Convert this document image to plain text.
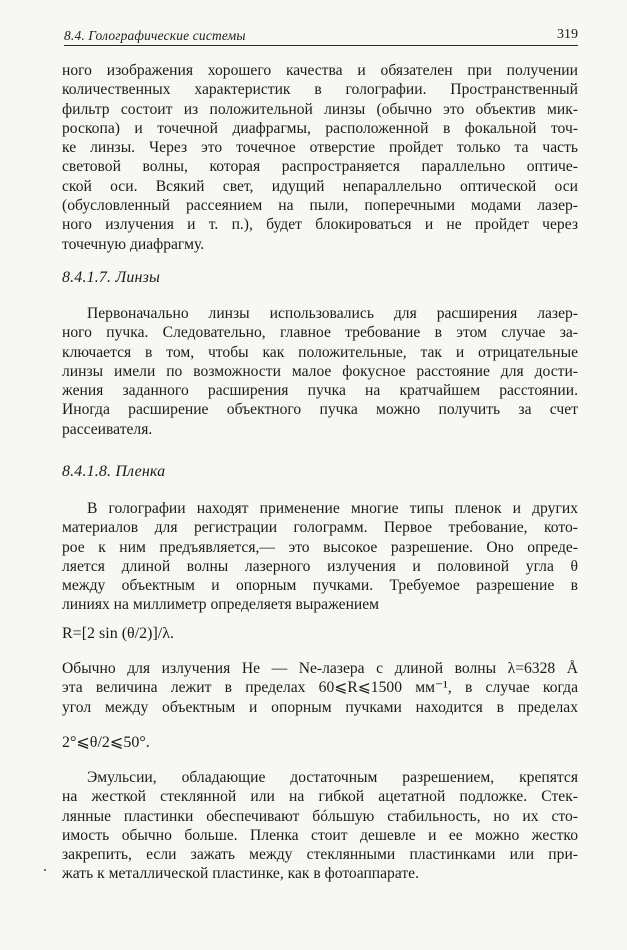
8.4. Голографические системы	319

ного изображения хорошего качества и обязателен при получении
количественных характеристик в голографии. Пространственный
фильтр состоит из положительной линзы (обычно это объектив мик-
роскопа) и точечной диафрагмы, расположенной в фокальной точ-
ке линзы. Через это точечное отверстие пройдет только та часть
световой волны, которая распространяется параллельно оптиче-
ской оси. Всякий свет, идущий непараллельно оптической оси
(обусловленный рассеянием на пыли, поперечными модами лазер-
ного излучения и т. п.), будет блокироваться и не пройдет через
точечную диафрагму.

8.4.1.7. Линзы

Первоначально линзы использовались для расширения лазер-
ного пучка. Следовательно, главное требование в этом случае за-
ключается в том, чтобы как положительные, так и отрицательные
линзы имели по возможности малое фокусное расстояние для дости-
жения заданного расширения пучка на кратчайшем расстоянии.
Иногда расширение объектного пучка можно получить за счет
рассеивателя.

8.4.1.8. Пленка

В голографии находят применение многие типы пленок и других
материалов для регистрации голограмм. Первое требование, кото-
рое к ним предъявляется,— это высокое разрешение. Оно опреде-
ляется длиной волны лазерного излучения и половиной угла θ
между объектным и опорным пучками. Требуемое разрешение в
линиях на миллиметр определяетя выражением

R=[2 sin (θ/2)]/λ.

Обычно для излучения He — Ne-лазера с длиной волны λ=6328 Å
эта величина лежит в пределах 60⩽R⩽1500 мм⁻¹, в случае когда
угол между объектным и опорным пучками находится в пределах

2°⩽θ/2⩽50°.

Эмульсии, обладающие достаточным разрешением, крепятся
на жесткой стеклянной или на гибкой ацетатной подложке. Стек-
лянные пластинки обеспечивают бóльшую стабильность, но их сто-
имость обычно больше. Пленка стоит дешевле и ее можно жестко
закрепить, если зажать между стеклянными пластинками или при-
жать к металлической пластинке, как в фотоаппарате.
